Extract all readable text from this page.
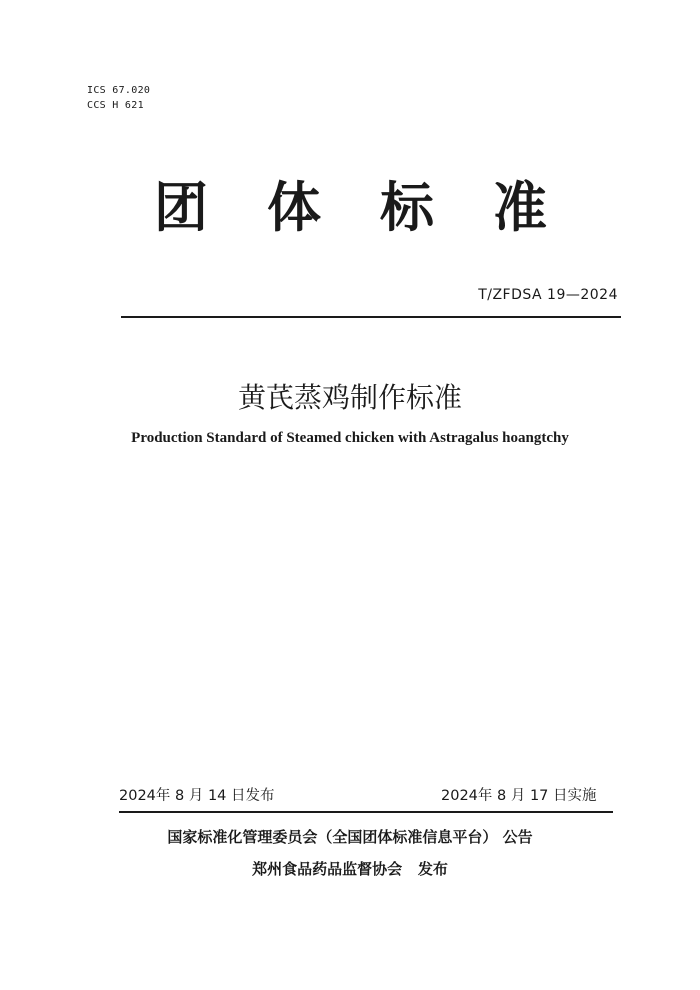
ICS 67.020
CCS H 621
团 体 标 准
T/ZFDSA 19—2024
黄芪蒸鸡制作标准
Production Standard of Steamed chicken with Astragalus hoangtchy
2024年 8 月 14 日发布	2024年 8 月 17 日实施
国家标准化管理委员会（全国团体标准信息平台） 公告
郑州食品药品监督协会   发布
